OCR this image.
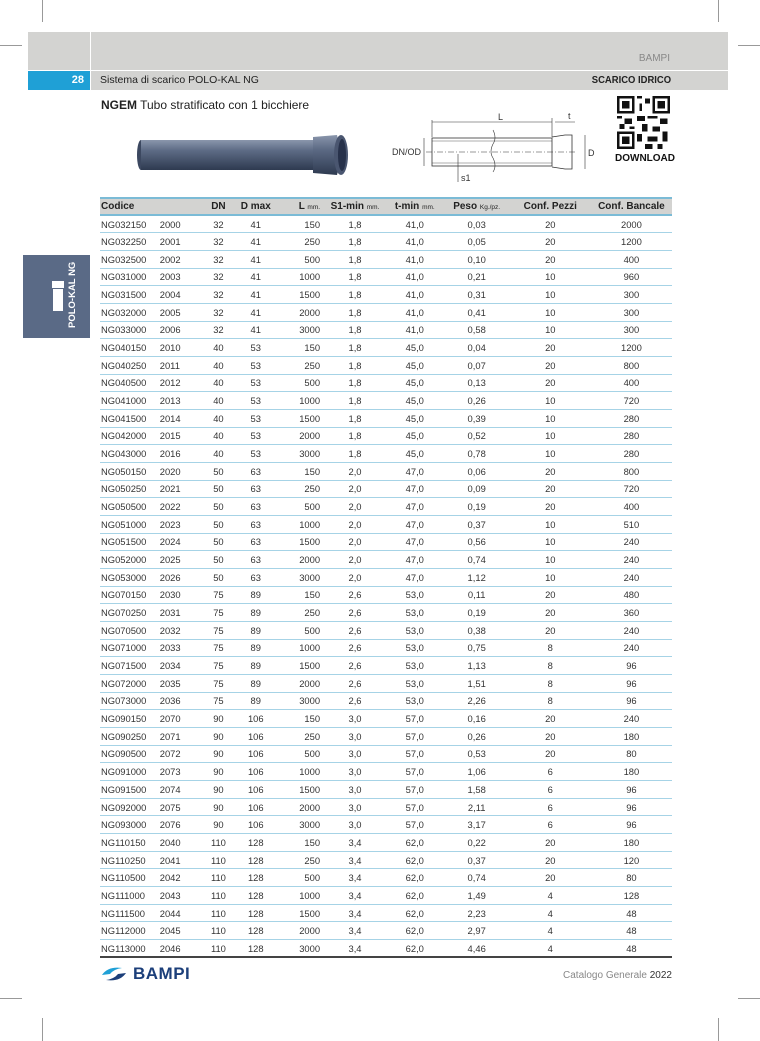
BAMPI
28	Sistema di scarico POLO-KAL NG	SCARICO IDRICO
NGEM Tubo stratificato con 1 bicchiere
L	t
DN/OD	D
s1
DOWNLOAD
POLO-KAL NG
Codice		DN	D max	L mm.	S1-min mm.	t-min mm.	Peso Kg./pz.	Conf. Pezzi	Conf. Bancale
NG032150	2000	32	41	150	1,8	41,0	0,03	20	2000
NG032250	2001	32	41	250	1,8	41,0	0,05	20	1200
NG032500	2002	32	41	500	1,8	41,0	0,10	20	400
NG031000	2003	32	41	1000	1,8	41,0	0,21	10	960
NG031500	2004	32	41	1500	1,8	41,0	0,31	10	300
NG032000	2005	32	41	2000	1,8	41,0	0,41	10	300
NG033000	2006	32	41	3000	1,8	41,0	0,58	10	300
NG040150	2010	40	53	150	1,8	45,0	0,04	20	1200
NG040250	2011	40	53	250	1,8	45,0	0,07	20	800
NG040500	2012	40	53	500	1,8	45,0	0,13	20	400
NG041000	2013	40	53	1000	1,8	45,0	0,26	10	720
NG041500	2014	40	53	1500	1,8	45,0	0,39	10	280
NG042000	2015	40	53	2000	1,8	45,0	0,52	10	280
NG043000	2016	40	53	3000	1,8	45,0	0,78	10	280
NG050150	2020	50	63	150	2,0	47,0	0,06	20	800
NG050250	2021	50	63	250	2,0	47,0	0,09	20	720
NG050500	2022	50	63	500	2,0	47,0	0,19	20	400
NG051000	2023	50	63	1000	2,0	47,0	0,37	10	510
NG051500	2024	50	63	1500	2,0	47,0	0,56	10	240
NG052000	2025	50	63	2000	2,0	47,0	0,74	10	240
NG053000	2026	50	63	3000	2,0	47,0	1,12	10	240
NG070150	2030	75	89	150	2,6	53,0	0,11	20	480
NG070250	2031	75	89	250	2,6	53,0	0,19	20	360
NG070500	2032	75	89	500	2,6	53,0	0,38	20	240
NG071000	2033	75	89	1000	2,6	53,0	0,75	8	240
NG071500	2034	75	89	1500	2,6	53,0	1,13	8	96
NG072000	2035	75	89	2000	2,6	53,0	1,51	8	96
NG073000	2036	75	89	3000	2,6	53,0	2,26	8	96
NG090150	2070	90	106	150	3,0	57,0	0,16	20	240
NG090250	2071	90	106	250	3,0	57,0	0,26	20	180
NG090500	2072	90	106	500	3,0	57,0	0,53	20	80
NG091000	2073	90	106	1000	3,0	57,0	1,06	6	180
NG091500	2074	90	106	1500	3,0	57,0	1,58	6	96
NG092000	2075	90	106	2000	3,0	57,0	2,11	6	96
NG093000	2076	90	106	3000	3,0	57,0	3,17	6	96
NG110150	2040	110	128	150	3,4	62,0	0,22	20	180
NG110250	2041	110	128	250	3,4	62,0	0,37	20	120
NG110500	2042	110	128	500	3,4	62,0	0,74	20	80
NG111000	2043	110	128	1000	3,4	62,0	1,49	4	128
NG111500	2044	110	128	1500	3,4	62,0	2,23	4	48
NG112000	2045	110	128	2000	3,4	62,0	2,97	4	48
NG113000	2046	110	128	3000	3,4	62,0	4,46	4	48
BAMPI	Catalogo Generale 2022
